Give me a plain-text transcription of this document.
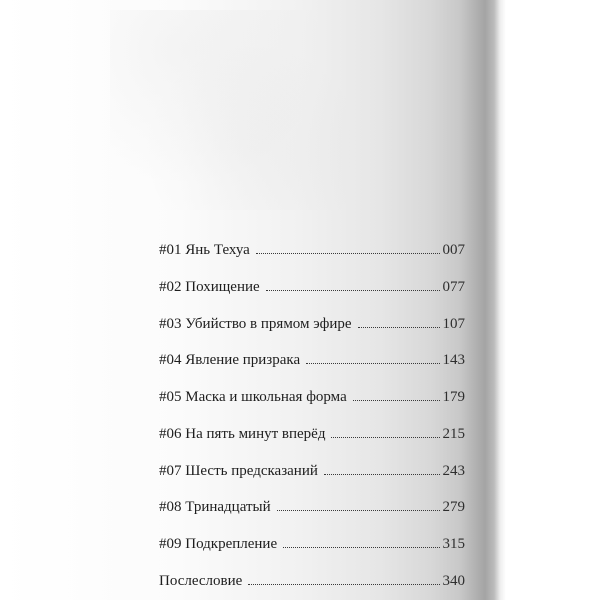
#01 Янь Техуа	007
#02 Похищение	077
#03 Убийство в прямом эфире	107
#04 Явление призрака	143
#05 Маска и школьная форма	179
#06 На пять минут вперёд	215
#07 Шесть предсказаний	243
#08 Тринадцатый	279
#09 Подкрепление	315
Послесловие	340
